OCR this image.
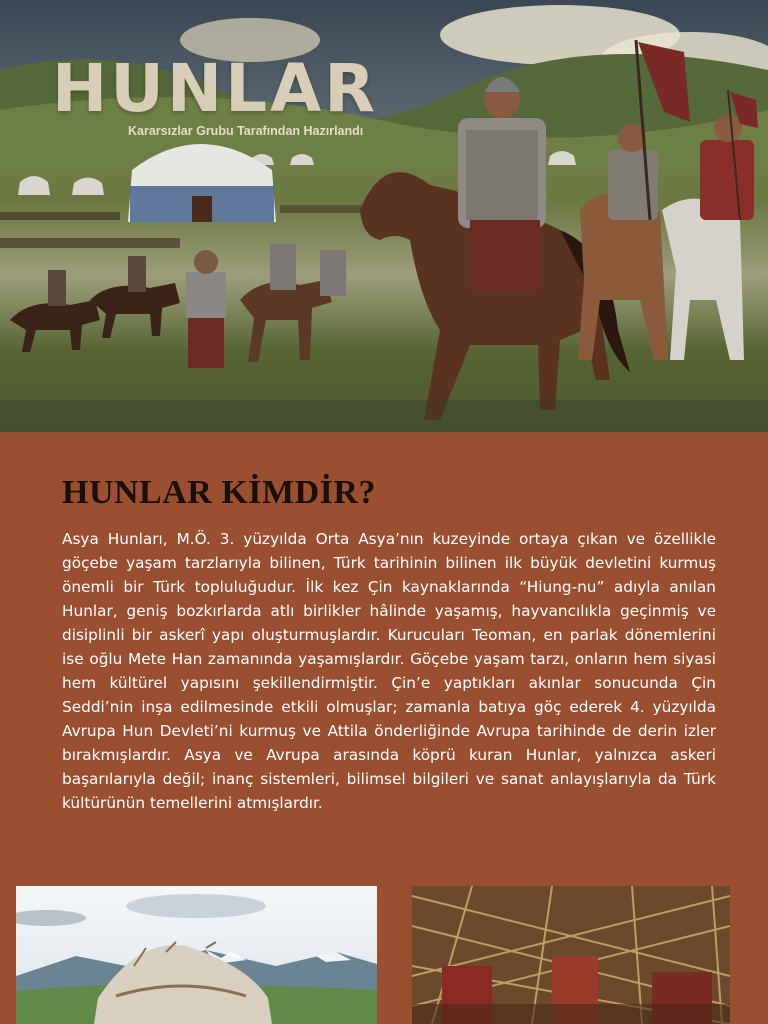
HUNLAR
Kararsızlar Grubu Tarafından Hazırlandı
HUNLAR KİMDİR?

Asya Hunları, M.Ö. 3. yüzyılda Orta Asya’nın kuzeyinde ortaya çıkan ve özellikle göçebe yaşam tarzlarıyla bilinen, Türk tarihinin bilinen ilk büyük devletini kurmuş önemli bir Türk topluluğudur. İlk kez Çin kaynaklarında “Hiung-nu” adıyla anılan Hunlar, geniş bozkırlarda atlı birlikler hâlinde yaşamış, hayvancılıkla geçinmiş ve disiplinli bir askerî yapı oluşturmuşlardır. Kurucuları Teoman, en parlak dönemlerini ise oğlu Mete Han zamanında yaşamışlardır. Göçebe yaşam tarzı, onların hem siyasi hem kültürel yapısını şekillendirmiştir. Çin’e yaptıkları akınlar sonucunda Çin Seddi’nin inşa edilmesinde etkili olmuşlar; zamanla batıya göç ederek 4. yüzyılda Avrupa Hun Devleti’ni kurmuş ve Attila önderliğinde Avrupa tarihinde de derin izler bırakmışlardır. Asya ve Avrupa arasında köprü kuran Hunlar, yalnızca askeri başarılarıyla değil; inanç sistemleri, bilimsel bilgileri ve sanat anlayışlarıyla da Türk kültürünün temellerini atmışlardır.
